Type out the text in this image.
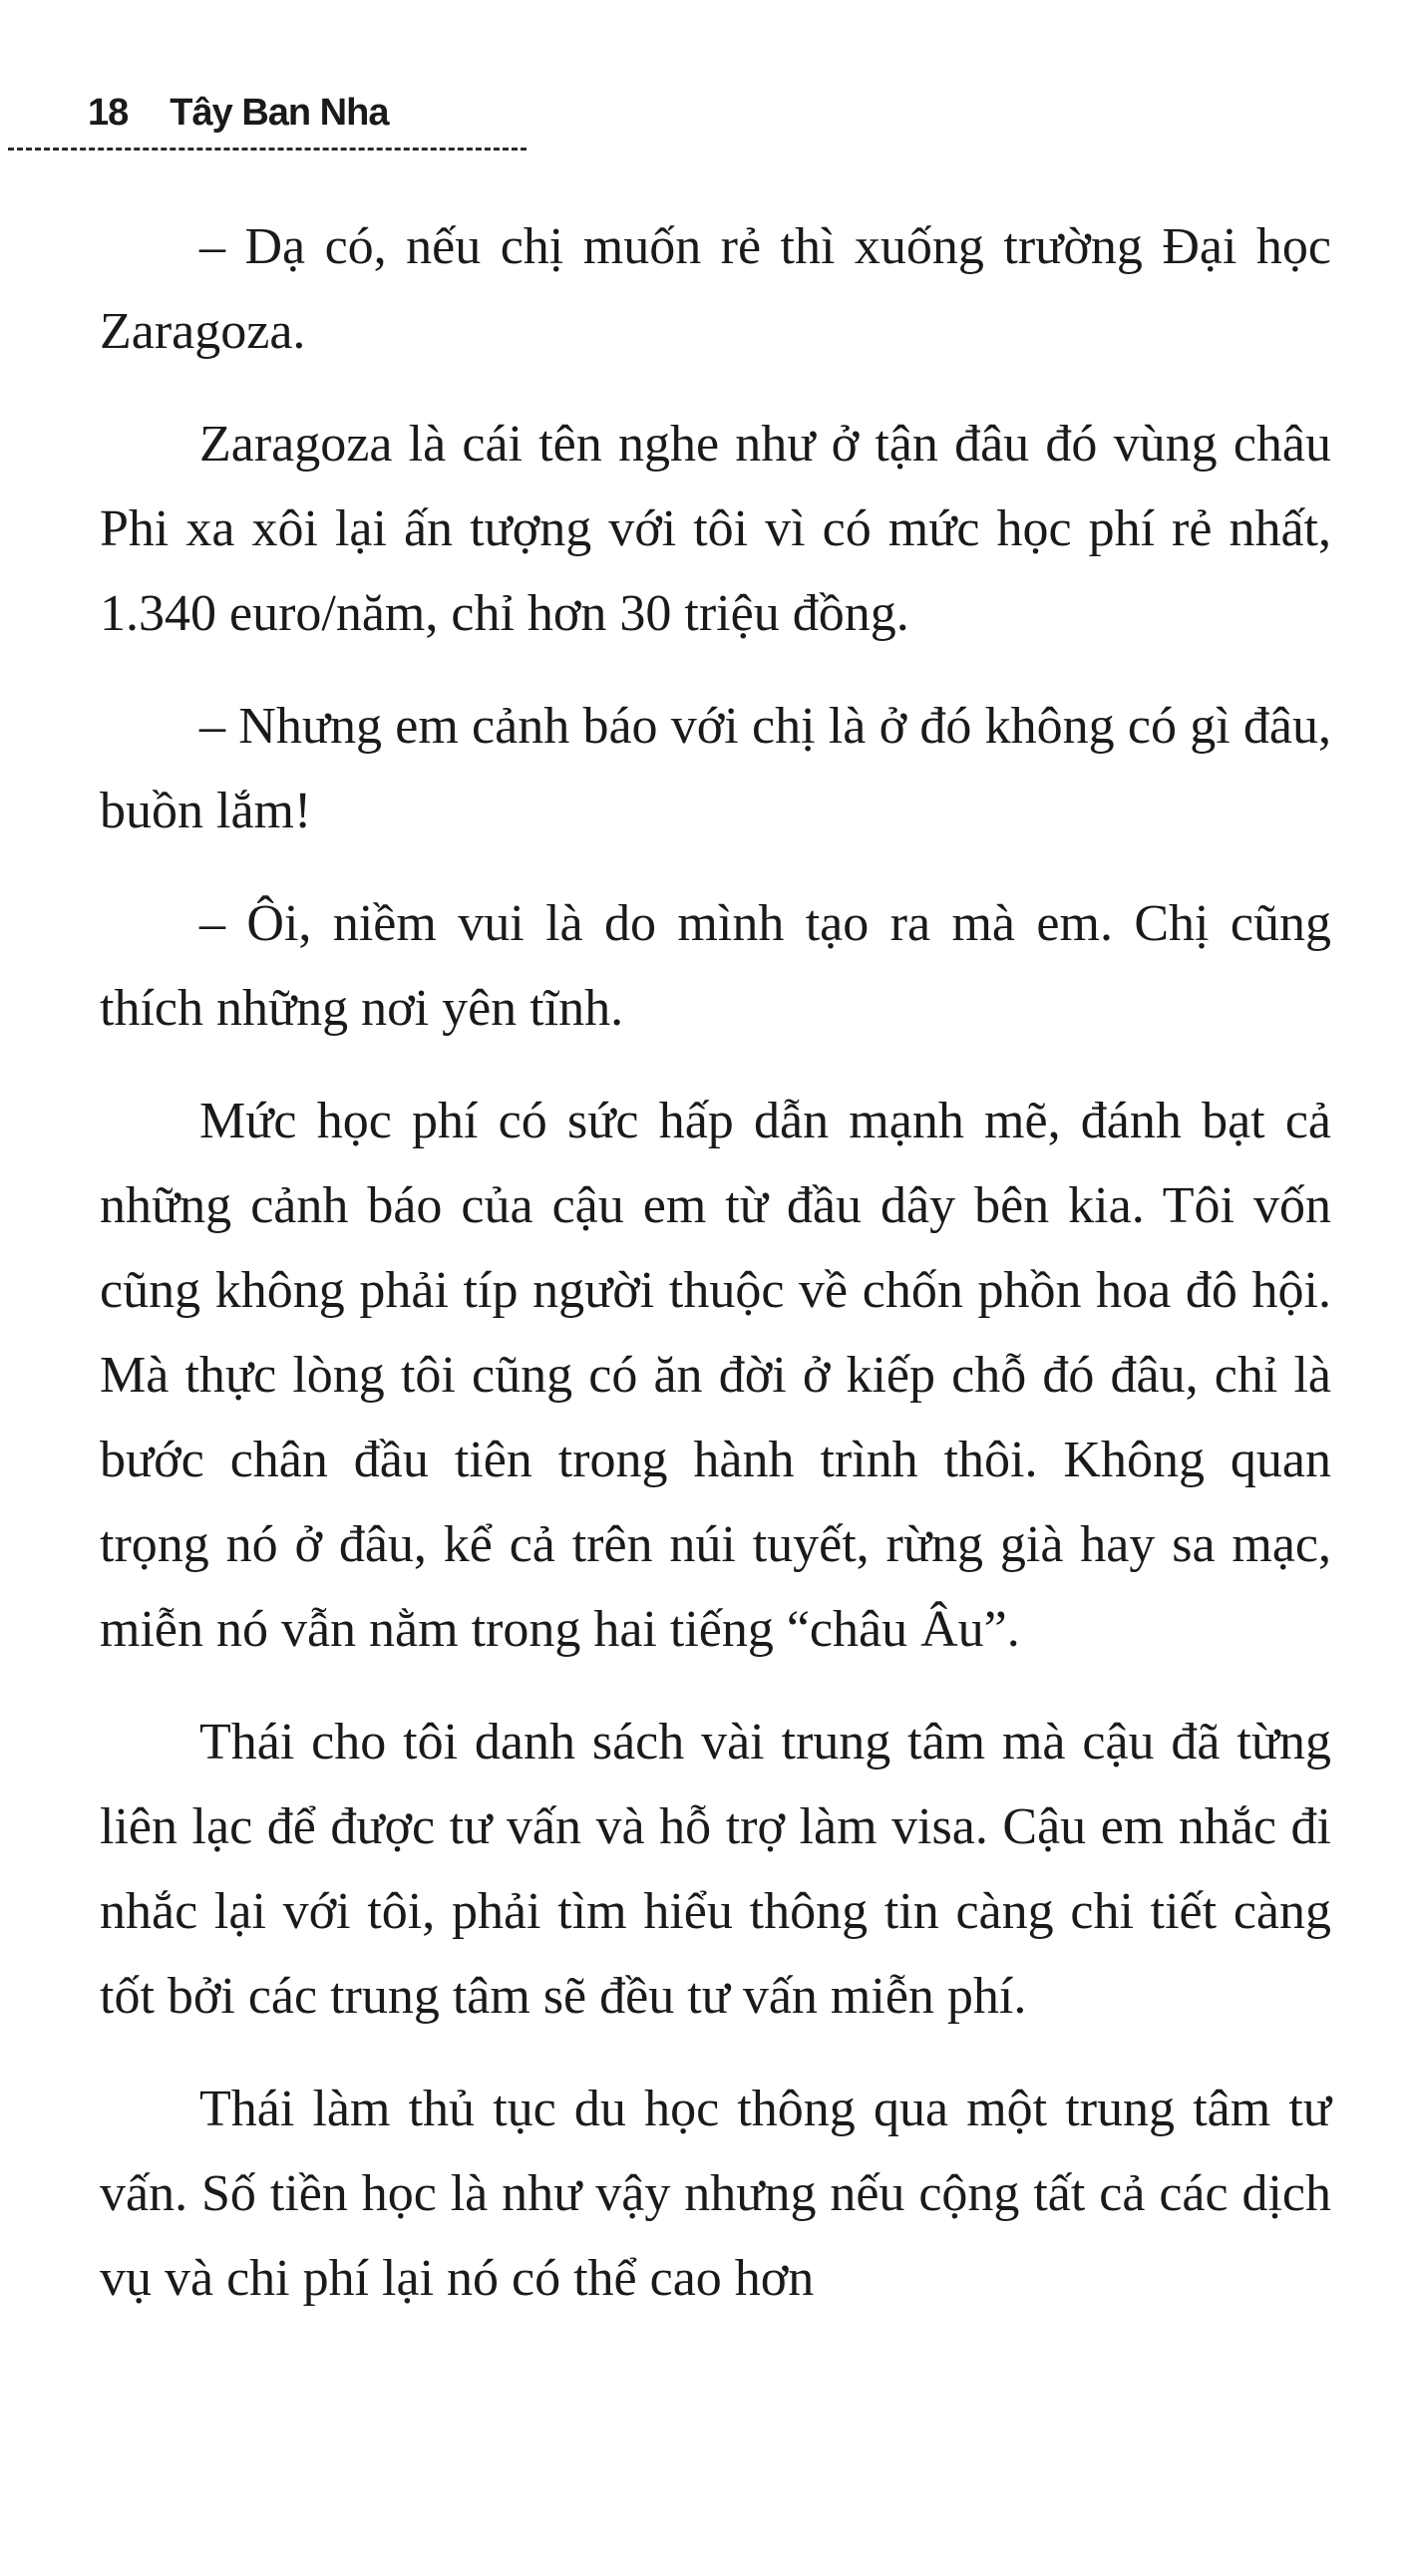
18 Tây Ban Nha

– Dạ có, nếu chị muốn rẻ thì xuống trường Đại học Zaragoza.

Zaragoza là cái tên nghe như ở tận đâu đó vùng châu Phi xa xôi lại ấn tượng với tôi vì có mức học phí rẻ nhất, 1.340 euro/năm, chỉ hơn 30 triệu đồng.

– Nhưng em cảnh báo với chị là ở đó không có gì đâu, buồn lắm!

– Ôi, niềm vui là do mình tạo ra mà em. Chị cũng thích những nơi yên tĩnh.

Mức học phí có sức hấp dẫn mạnh mẽ, đánh bạt cả những cảnh báo của cậu em từ đầu dây bên kia. Tôi vốn cũng không phải típ người thuộc về chốn phồn hoa đô hội. Mà thực lòng tôi cũng có ăn đời ở kiếp chỗ đó đâu, chỉ là bước chân đầu tiên trong hành trình thôi. Không quan trọng nó ở đâu, kể cả trên núi tuyết, rừng già hay sa mạc, miễn nó vẫn nằm trong hai tiếng “châu Âu”.

Thái cho tôi danh sách vài trung tâm mà cậu đã từng liên lạc để được tư vấn và hỗ trợ làm visa. Cậu em nhắc đi nhắc lại với tôi, phải tìm hiểu thông tin càng chi tiết càng tốt bởi các trung tâm sẽ đều tư vấn miễn phí.

Thái làm thủ tục du học thông qua một trung tâm tư vấn. Số tiền học là như vậy nhưng nếu cộng tất cả các dịch vụ và chi phí lại nó có thể cao hơn
